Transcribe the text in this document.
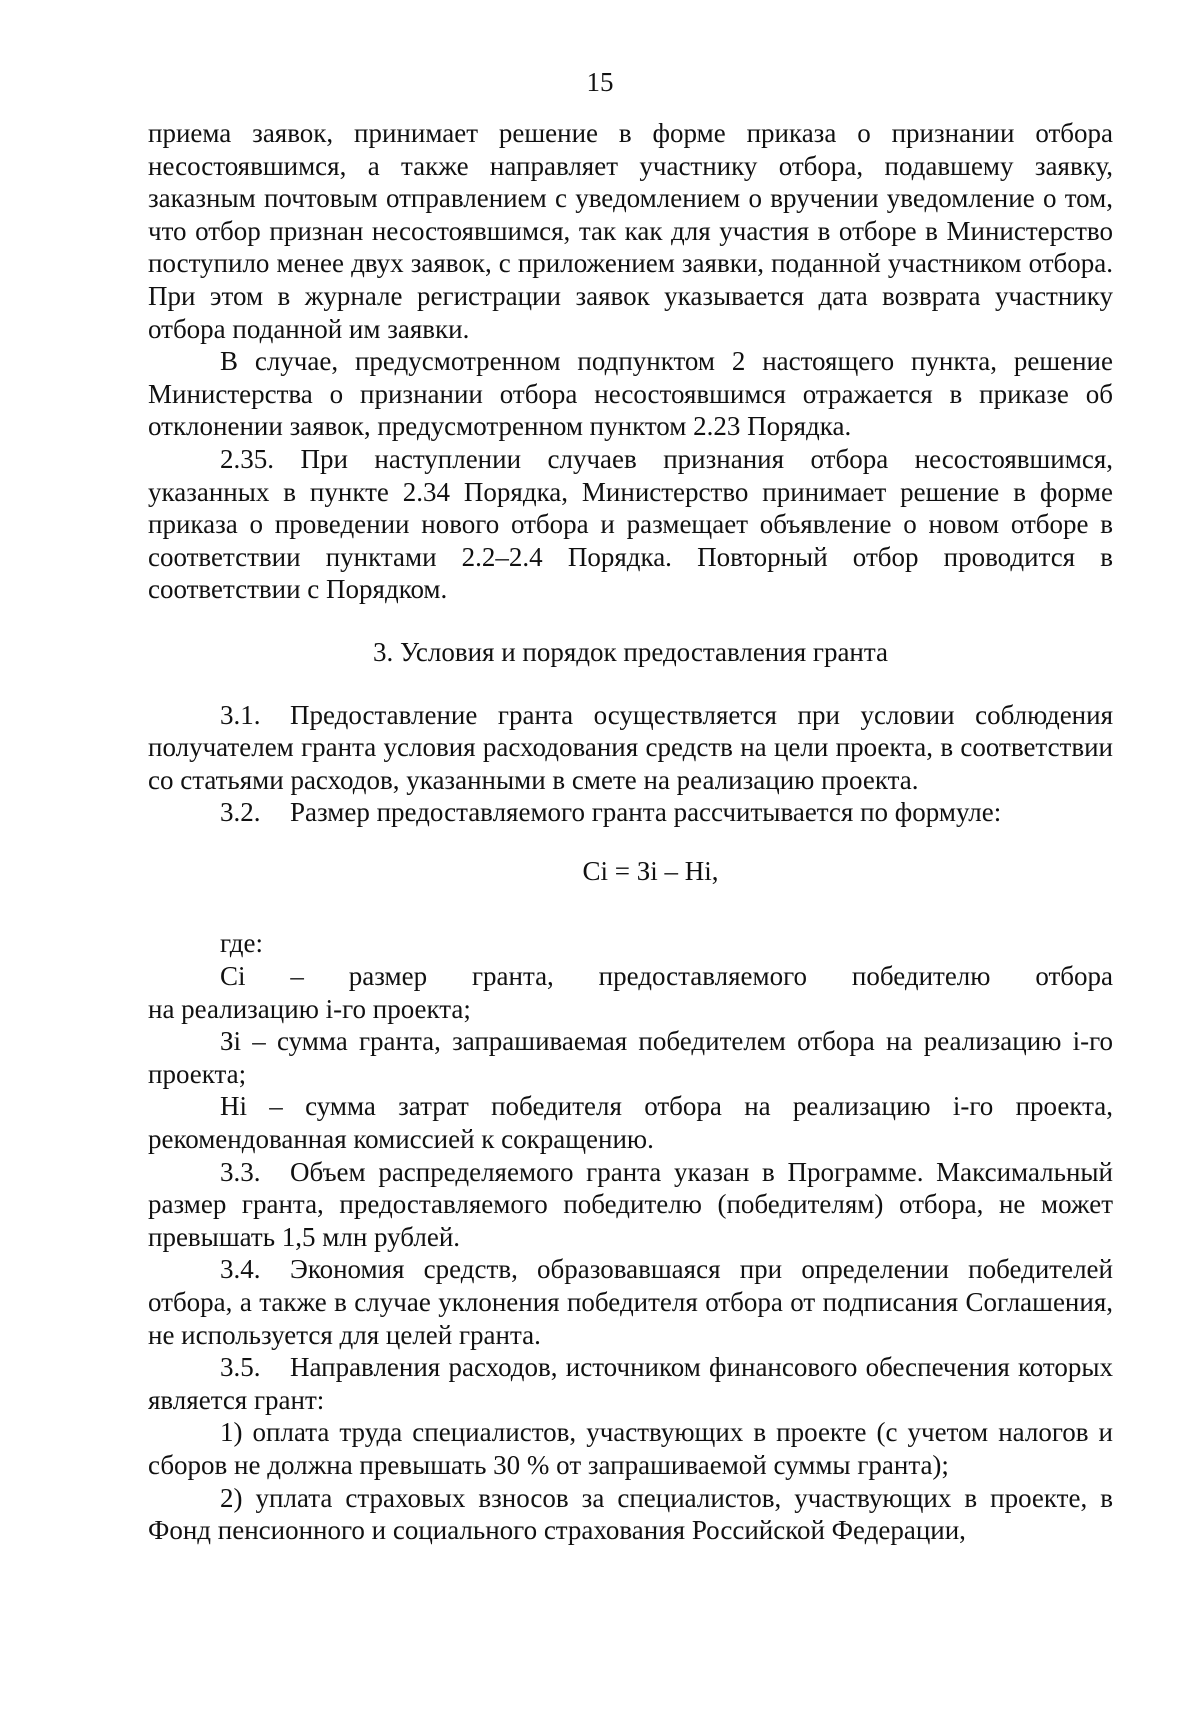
15

приема заявок, принимает решение в форме приказа о признании отбора несостоявшимся, а также направляет участнику отбора, подавшему заявку, заказным почтовым отправлением с уведомлением о вручении уведомление о том, что отбор признан несостоявшимся, так как для участия в отборе в Министерство поступило менее двух заявок, с приложением заявки, поданной участником отбора. При этом в журнале регистрации заявок указывается дата возврата участнику отбора поданной им заявки.

В случае, предусмотренном подпунктом 2 настоящего пункта, решение Министерства о признании отбора несостоявшимся отражается в приказе об отклонении заявок, предусмотренном пунктом 2.23 Порядка.

2.35. При наступлении случаев признания отбора несостоявшимся, указанных в пункте 2.34 Порядка, Министерство принимает решение в форме приказа о проведении нового отбора и размещает объявление о новом отборе в соответствии пунктами 2.2–2.4 Порядка. Повторный отбор проводится в соответствии с Порядком.

3. Условия и порядок предоставления гранта

3.1. Предоставление гранта осуществляется при условии соблюдения получателем гранта условия расходования средств на цели проекта, в соответствии со статьями расходов, указанными в смете на реализацию проекта.

3.2. Размер предоставляемого гранта рассчитывается по формуле:

Ci = Зi – Hi,

где:

Ci – размер гранта, предоставляемого победителю отбора

на реализацию i-го проекта;

Зi – сумма гранта, запрашиваемая победителем отбора на реализацию i-го проекта;

Hi – сумма затрат победителя отбора на реализацию i-го проекта, рекомендованная комиссией к сокращению.

3.3. Объем распределяемого гранта указан в Программе. Максимальный размер гранта, предоставляемого победителю (победителям) отбора, не может превышать 1,5 млн рублей.

3.4. Экономия средств, образовавшаяся при определении победителей отбора, а также в случае уклонения победителя отбора от подписания Соглашения, не используется для целей гранта.

3.5. Направления расходов, источником финансового обеспечения которых является грант:

1) оплата труда специалистов, участвующих в проекте (с учетом налогов и сборов не должна превышать 30 % от запрашиваемой суммы гранта);

2) уплата страховых взносов за специалистов, участвующих в проекте, в Фонд пенсионного и социального страхования Российской Федерации,
